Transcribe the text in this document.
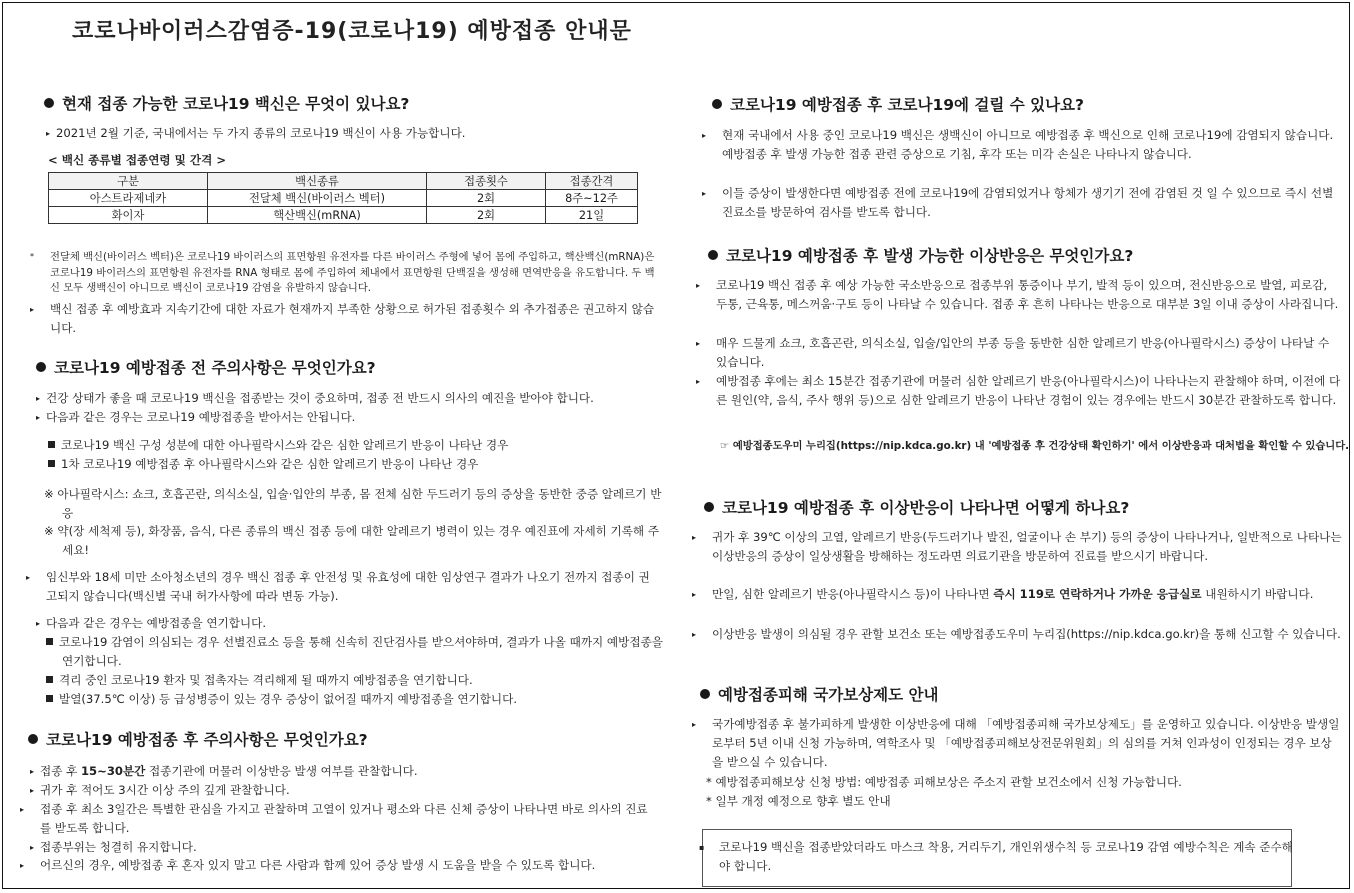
코로나바이러스감염증-19(코로나19) 예방접종 안내문
현재 접종 가능한 코로나19 백신은 무엇이 있나요?
▸ 2021년 2월 기준, 국내에서는 두 가지 종류의 코로나19 백신이 사용 가능합니다.
< 백신 종류별 접종연령 및 간격 >
구분	백신종류	접종횟수	접종간격
아스트라제네카	전달체 백신(바이러스 벡터)	2회	8주~12주
화이자	핵산백신(mRNA)	2회	21일
* 전달체 백신(바이러스 벡터)은 코로나19 바이러스의 표면항원 유전자를 다른 바이러스 주형에 넣어 몸에 주입하고, 핵산백신(mRNA)은 코로나19 바이러스의 표면항원 유전자를 RNA 형태로 몸에 주입하여 체내에서 표면항원 단백질을 생성해 면역반응을 유도합니다. 두 백신 모두 생백신이 아니므로 백신이 코로나19 감염을 유발하지 않습니다.
▸ 백신 접종 후 예방효과 지속기간에 대한 자료가 현재까지 부족한 상황으로 허가된 접종횟수 외 추가접종은 권고하지 않습니다.
코로나19 예방접종 전 주의사항은 무엇인가요?
▸ 건강 상태가 좋을 때 코로나19 백신을 접종받는 것이 중요하며, 접종 전 반드시 의사의 예진을 받아야 합니다.
▸ 다음과 같은 경우는 코로나19 예방접종을 받아서는 안됩니다.
코로나19 백신 구성 성분에 대한 아나필락시스와 같은 심한 알레르기 반응이 나타난 경우
1차 코로나19 예방접종 후 아나필락시스와 같은 심한 알레르기 반응이 나타난 경우
※ 아나필락시스: 쇼크, 호흡곤란, 의식소실, 입술·입안의 부종, 몸 전체 심한 두드러기 등의 증상을 동반한 중증 알레르기 반응
※ 약(장 세척제 등), 화장품, 음식, 다른 종류의 백신 접종 등에 대한 알레르기 병력이 있는 경우 예진표에 자세히 기록해 주세요!
▸ 임신부와 18세 미만 소아청소년의 경우 백신 접종 후 안전성 및 유효성에 대한 임상연구 결과가 나오기 전까지 접종이 권고되지 않습니다(백신별 국내 허가사항에 따라 변동 가능).
▸ 다음과 같은 경우는 예방접종을 연기합니다.
코로나19 감염이 의심되는 경우 선별진료소 등을 통해 신속히 진단검사를 받으셔야하며, 결과가 나올 때까지 예방접종을 연기합니다.
격리 중인 코로나19 환자 및 접촉자는 격리해제 될 때까지 예방접종을 연기합니다.
발열(37.5℃ 이상) 등 급성병증이 있는 경우 증상이 없어질 때까지 예방접종을 연기합니다.
코로나19 예방접종 후 주의사항은 무엇인가요?
▸ 접종 후 15~30분간 접종기관에 머물러 이상반응 발생 여부를 관찰합니다.
▸ 귀가 후 적어도 3시간 이상 주의 깊게 관찰합니다.
▸ 접종 후 최소 3일간은 특별한 관심을 가지고 관찰하며 고열이 있거나 평소와 다른 신체 증상이 나타나면 바로 의사의 진료를 받도록 합니다.
▸ 접종부위는 청결히 유지합니다.
▸ 어르신의 경우, 예방접종 후 혼자 있지 말고 다른 사람과 함께 있어 증상 발생 시 도움을 받을 수 있도록 합니다.
코로나19 예방접종 후 코로나19에 걸릴 수 있나요?
▸ 현재 국내에서 사용 중인 코로나19 백신은 생백신이 아니므로 예방접종 후 백신으로 인해 코로나19에 감염되지 않습니다. 예방접종 후 발생 가능한 접종 관련 증상으로 기침, 후각 또는 미각 손실은 나타나지 않습니다.
▸ 이들 증상이 발생한다면 예방접종 전에 코로나19에 감염되었거나 항체가 생기기 전에 감염된 것 일 수 있으므로 즉시 선별진료소를 방문하여 검사를 받도록 합니다.
코로나19 예방접종 후 발생 가능한 이상반응은 무엇인가요?
▸ 코로나19 백신 접종 후 예상 가능한 국소반응으로 접종부위 통증이나 부기, 발적 등이 있으며, 전신반응으로 발열, 피로감, 두통, 근육통, 메스꺼움·구토 등이 나타날 수 있습니다. 접종 후 흔히 나타나는 반응으로 대부분 3일 이내 증상이 사라집니다.
▸ 매우 드물게 쇼크, 호흡곤란, 의식소실, 입술/입안의 부종 등을 동반한 심한 알레르기 반응(아나필락시스) 증상이 나타날 수 있습니다.
▸ 예방접종 후에는 최소 15분간 접종기관에 머물러 심한 알레르기 반응(아나필락시스)이 나타나는지 관찰해야 하며, 이전에 다른 원인(약, 음식, 주사 행위 등)으로 심한 알레르기 반응이 나타난 경험이 있는 경우에는 반드시 30분간 관찰하도록 합니다.
☞ 예방접종도우미 누리집(https://nip.kdca.go.kr) 내 '예방접종 후 건강상태 확인하기' 에서 이상반응과 대처법을 확인할 수 있습니다.
코로나19 예방접종 후 이상반응이 나타나면 어떻게 하나요?
▸ 귀가 후 39℃ 이상의 고열, 알레르기 반응(두드러기나 발진, 얼굴이나 손 부기) 등의 증상이 나타나거나, 일반적으로 나타나는 이상반응의 증상이 일상생활을 방해하는 정도라면 의료기관을 방문하여 진료를 받으시기 바랍니다.
▸ 만일, 심한 알레르기 반응(아나필락시스 등)이 나타나면 즉시 119로 연락하거나 가까운 응급실로 내원하시기 바랍니다.
▸ 이상반응 발생이 의심될 경우 관할 보건소 또는 예방접종도우미 누리집(https://nip.kdca.go.kr)을 통해 신고할 수 있습니다.
예방접종피해 국가보상제도 안내
▸ 국가예방접종 후 불가피하게 발생한 이상반응에 대해 「예방접종피해 국가보상제도」를 운영하고 있습니다. 이상반응 발생일로부터 5년 이내 신청 가능하며, 역학조사 및 「예방접종피해보상전문위원회」의 심의를 거쳐 인과성이 인정되는 경우 보상을 받으실 수 있습니다.
* 예방접종피해보상 신청 방법: 예방접종 피해보상은 주소지 관할 보건소에서 신청 가능합니다.
* 일부 개정 예정으로 향후 별도 안내
▪ 코로나19 백신을 접종받았더라도 마스크 착용, 거리두기, 개인위생수칙 등 코로나19 감염 예방수칙은 계속 준수해야 합니다.
